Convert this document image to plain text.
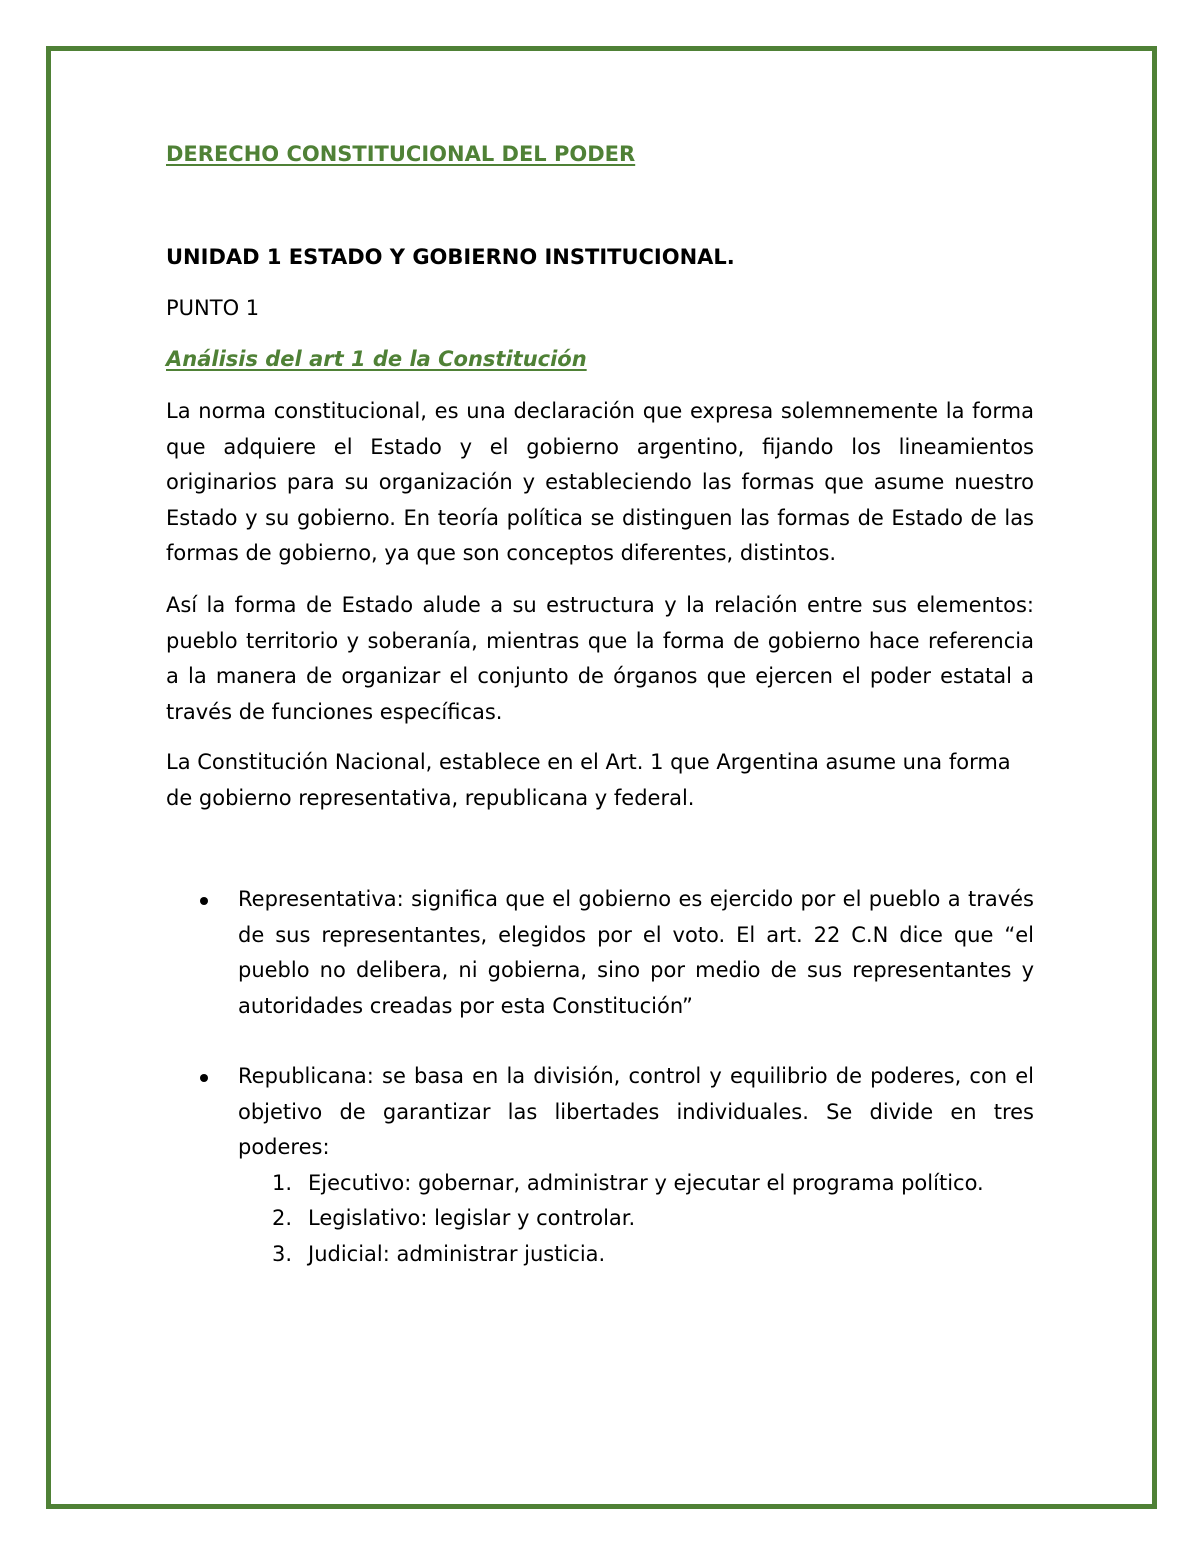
DERECHO CONSTITUCIONAL DEL PODER
UNIDAD 1 ESTADO Y GOBIERNO INSTITUCIONAL.

PUNTO 1

Análisis del art 1 de la Constitución

La norma constitucional, es una declaración que expresa solemnemente la forma que adquiere el Estado y el gobierno argentino, fijando los lineamientos originarios para su organización y estableciendo las formas que asume nuestro Estado y su gobierno. En teoría política se distinguen las formas de Estado de las formas de gobierno, ya que son conceptos diferentes, distintos.

Así la forma de Estado alude a su estructura y la relación entre sus elementos: pueblo territorio y soberanía, mientras que la forma de gobierno hace referencia a la manera de organizar el conjunto de órganos que ejercen el poder estatal a través de funciones específicas.

La Constitución Nacional, establece en el Art. 1 que Argentina asume una forma de gobierno representativa, republicana y federal.

Representativa: significa que el gobierno es ejercido por el pueblo a través de sus representantes, elegidos por el voto. El art. 22 C.N dice que “el pueblo no delibera, ni gobierna, sino por medio de sus representantes y autoridades creadas por esta Constitución”
Republicana: se basa en la división, control y equilibrio de poderes, con el objetivo de garantizar las libertades individuales. Se divide en tres poderes:
1. Ejecutivo: gobernar, administrar y ejecutar el programa político.
2. Legislativo: legislar y controlar.
3. Judicial: administrar justicia.
